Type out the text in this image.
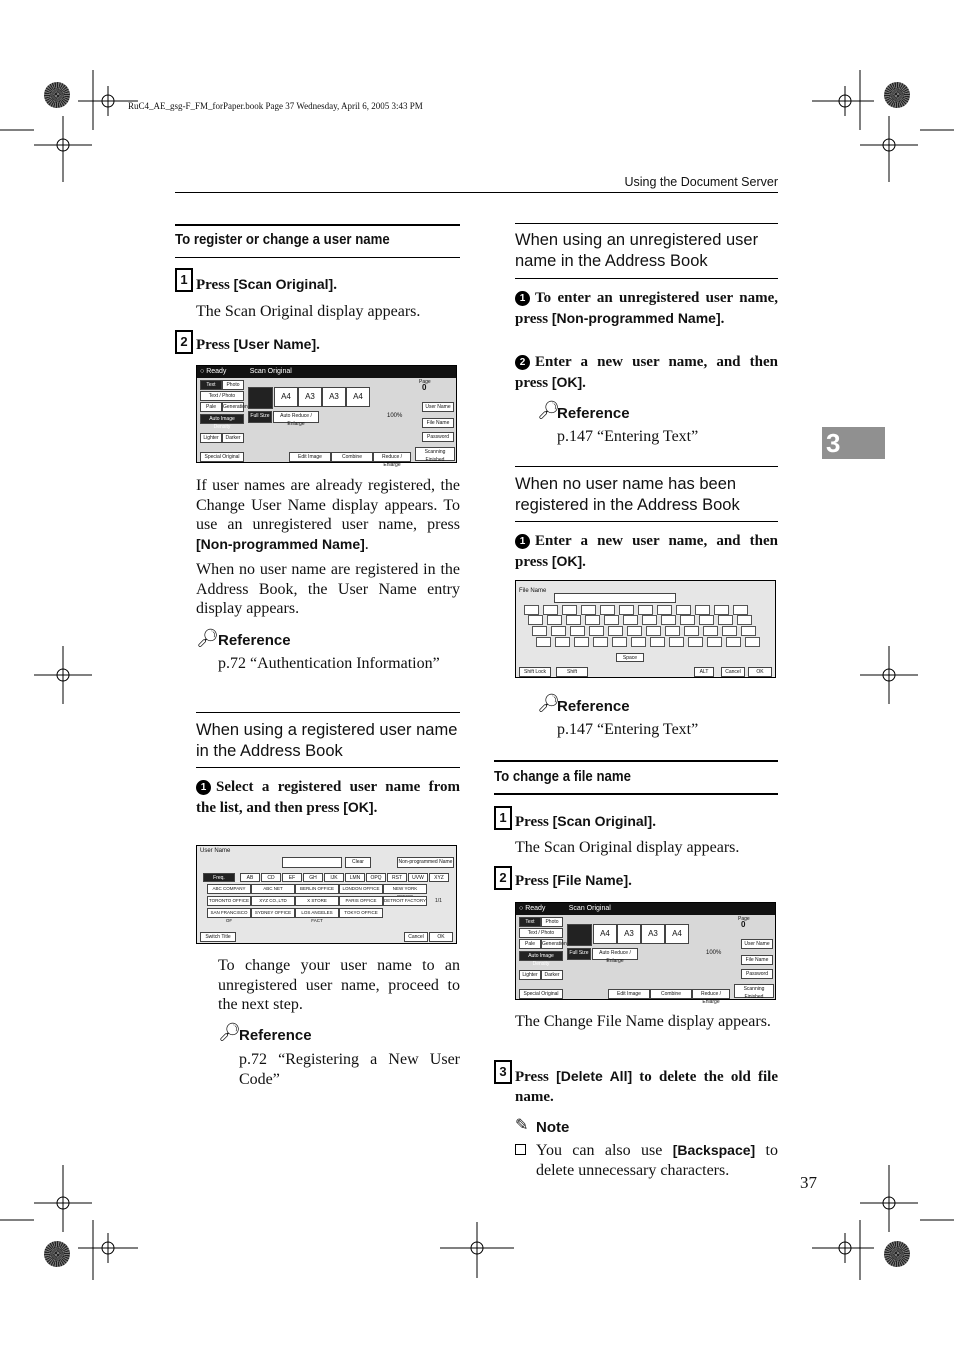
RuC4_AE_gsg-F_FM_forPaper.book Page 37 Wednesday, April 6, 2005 3:43 PM
Using the Document Server
3
To register or change a user name
1 Press [Scan Original].
The Scan Original display appears.
2 Press [User Name].
○ Ready	Scan Original
Text	Photo
Text / Photo
Pale	Generation
Auto Image Density
Lighter	Darker
A4	A3	A3	A4
Full Size	Auto Reduce / Enlarge
100%
Page
0
User Name
File Name
Password
Special Original	Edit Image	Combine	Reduce / Enlarge
Scanning Finished
If user names are already registered, the Change User Name display appears. To use an unregistered user name, press [Non-programmed Name].
When no user name are registered in the Address Book, the User Name entry display appears.
🔎︎ Reference
p.72 “Authentication Information”
When using a registered user name in the Address Book
1 Select a registered user name from the list, and then press [OK].
User Name
Clear	Non-programmed Name
Freq.	AB	CD	EF	GH	IJK	LMN	OPQ	RST	UVW	XYZ
ABC COMPANY	ABC NET	BERLIN OFFICE	LONDON OFFICE	NEW YORK
TORONTO OFFICE	XYZ CO.,LTD	X STORE	PARIS OFFICE	DETROIT FACTORY
SAN FRANCISCO OF
SYDNEY OFFICE	LOS ANGELES FACT
TOKYO OFFICE
1/1
Switch Title	Cancel	OK
To change your user name to an unregistered user name, proceed to the next step.
🔎︎
Reference
p.72 “Registering a New User Code”
When using an unregistered user name in the Address Book
1 To enter an unregistered user name, press [Non-programmed Name].
2 Enter a new user name, and then press [OK].
🔎︎
Reference
p.147 “Entering Text”
When no user name has been registered in the Address Book
1 Enter a new user name, and then press [OK].
File Name
Space
Shift Lock	Shift	ALT	Cancel	OK
🔎︎
Reference
p.147 “Entering Text”
To change a file name
1 Press [Scan Original].
The Scan Original display appears.
2 Press [File Name].
○ Ready	Scan Original
Text	Photo
Text / Photo
Pale	Generation
Auto Image Density
Lighter	Darker
A4	A3	A3	A4
Full Size	Auto Reduce / Enlarge
100%
Page
0
User Name
File Name
Password
Special Original	Edit Image	Combine	Reduce / Enlarge
Scanning Finished
The Change File Name display appears.
3 Press [Delete All] to delete the old file name.
✎ Note
You can also use [Backspace] to delete unnecessary characters.
37
